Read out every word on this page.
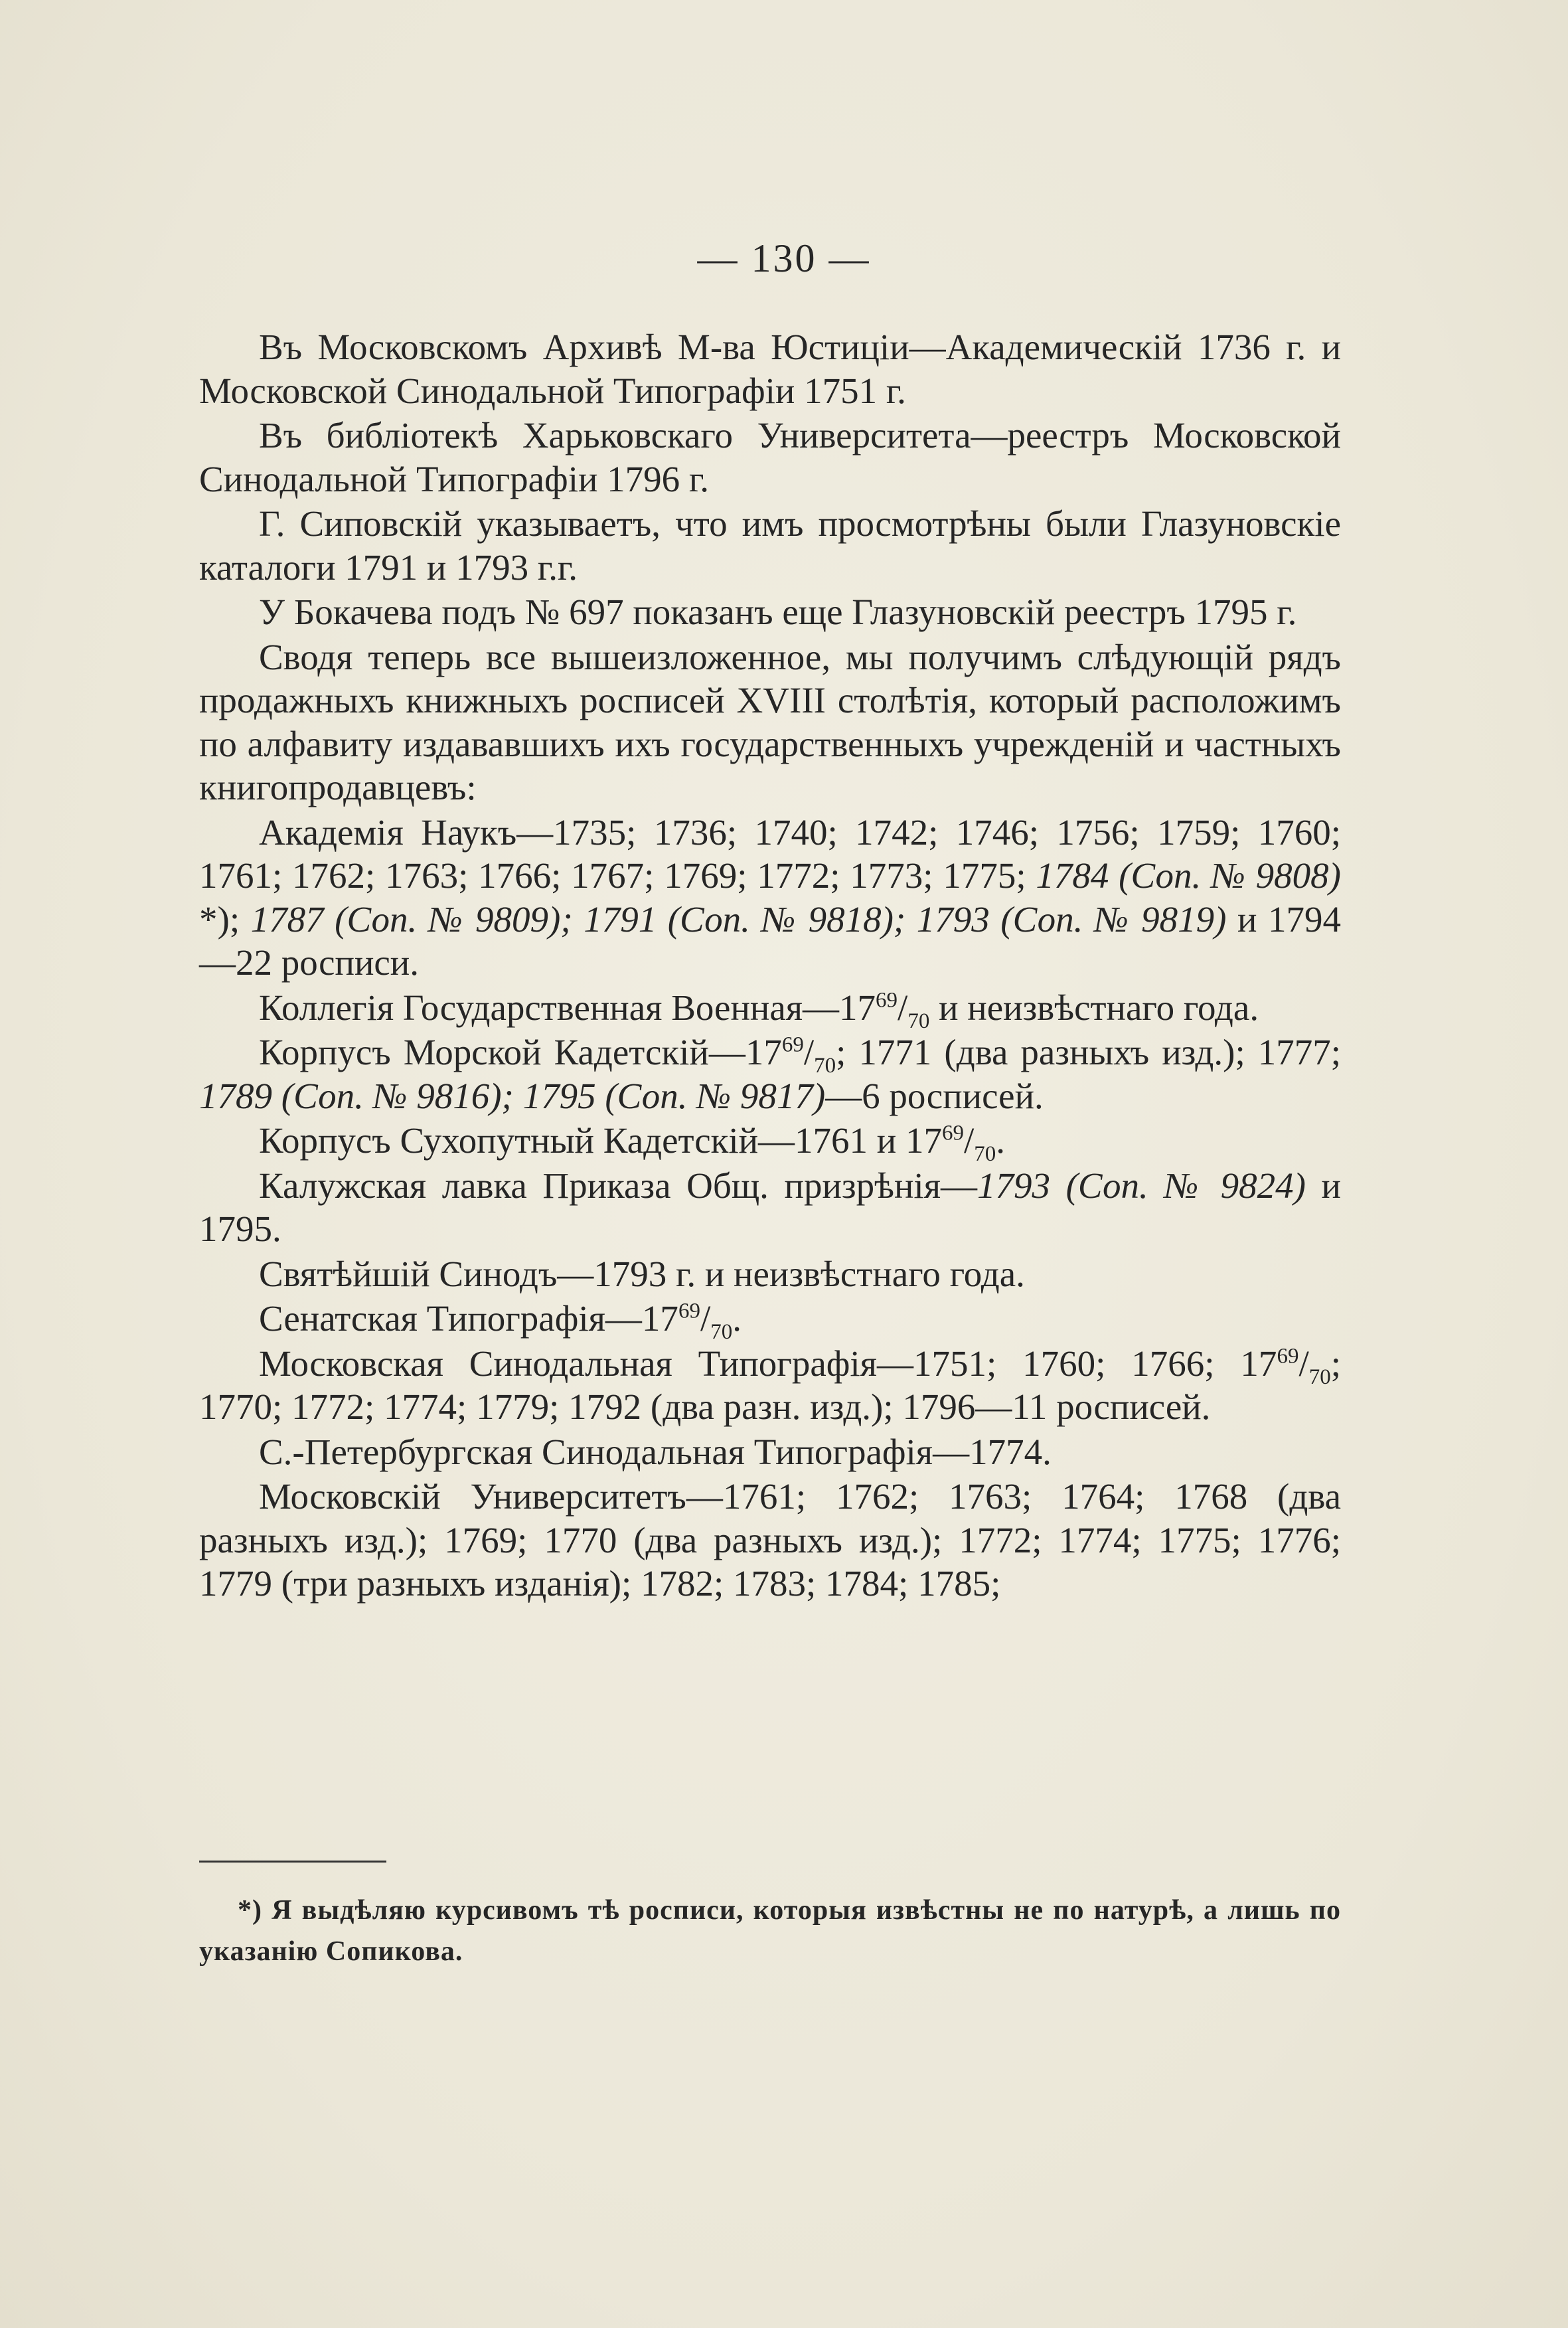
— 130 —

Въ Московскомъ Архивѣ М-ва Юстиціи—Академическій 1736 г. и Московской Синодальной Типографіи 1751 г.

Въ библіотекѣ Харьковскаго Университета—реестръ Московской Синодальной Типографіи 1796 г.

Г. Сиповскій указываетъ, что имъ просмотрѣны были Глазуновскіе каталоги 1791 и 1793 г.г.

У Бокачева подъ № 697 показанъ еще Глазуновскій реестръ 1795 г.

Сводя теперь все вышеизложенное, мы получимъ слѣдующій рядъ продажныхъ книжныхъ росписей XVIII столѣтія, который расположимъ по алфавиту издававшихъ ихъ государственныхъ учрежденій и частныхъ книгопродавцевъ:

Академія Наукъ—1735; 1736; 1740; 1742; 1746; 1756; 1759; 1760; 1761; 1762; 1763; 1766; 1767; 1769; 1772; 1773; 1775; 1784 (Соп. № 9808) *); 1787 (Соп. № 9809); 1791 (Соп. № 9818); 1793 (Соп. № 9819) и 1794—22 росписи.

Коллегія Государственная $Военная—17^{69}/_{70}$ и неизвѣстнаго года.

Корпусъ Морской $Кадетскій—17^{69}/_{70}$; 1771 (два разныхъ изд.); 1777; 1789 (Соп. № 9816); 1795 (Соп. № 9817)—6 росписей.

Корпусъ Сухопутный Кадетскій—1761 и $17^{69}/_{70}$.

Калужская лавка Приказа Общ. призрѣнія—1793 (Соп. № 9824) и 1795.

Святѣйшій Синодъ—1793 г. и неизвѣстнаго года.

Сенатская $Типографія—17^{69}/_{70}$.

Московская Синодальная Типографія—1751; 1760; 1766; $17^{69}/_{70}$; 1770; 1772; 1774; 1779; 1792 (два разн. изд.); 1796—11 росписей.

С.-Петербургская Синодальная Типографія—1774.

Московскій Университетъ—1761; 1762; 1763; 1764; 1768 (два разныхъ изд.); 1769; 1770 (два разныхъ изд.); 1772; 1774; 1775; 1776; 1779 (три разныхъ изданія); 1782; 1783; 1784; 1785;

*) Я выдѣляю курсивомъ тѣ росписи, которыя извѣстны не по натурѣ, а лишь по указанію Сопикова.
